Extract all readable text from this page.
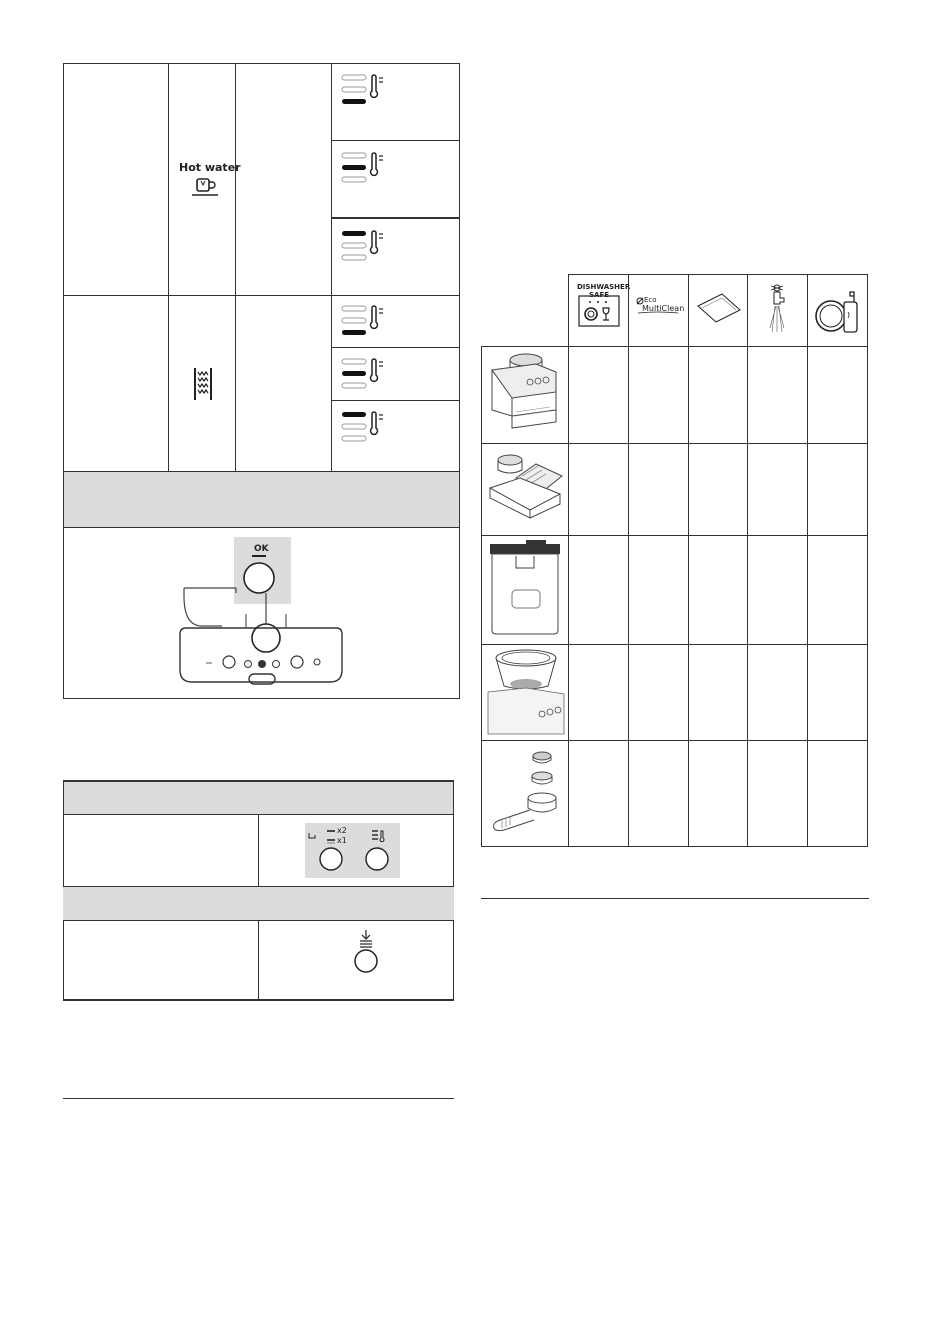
Hot water
OK
x2
x1
DISHWASHER
SAFE
Eco
MultiClean
